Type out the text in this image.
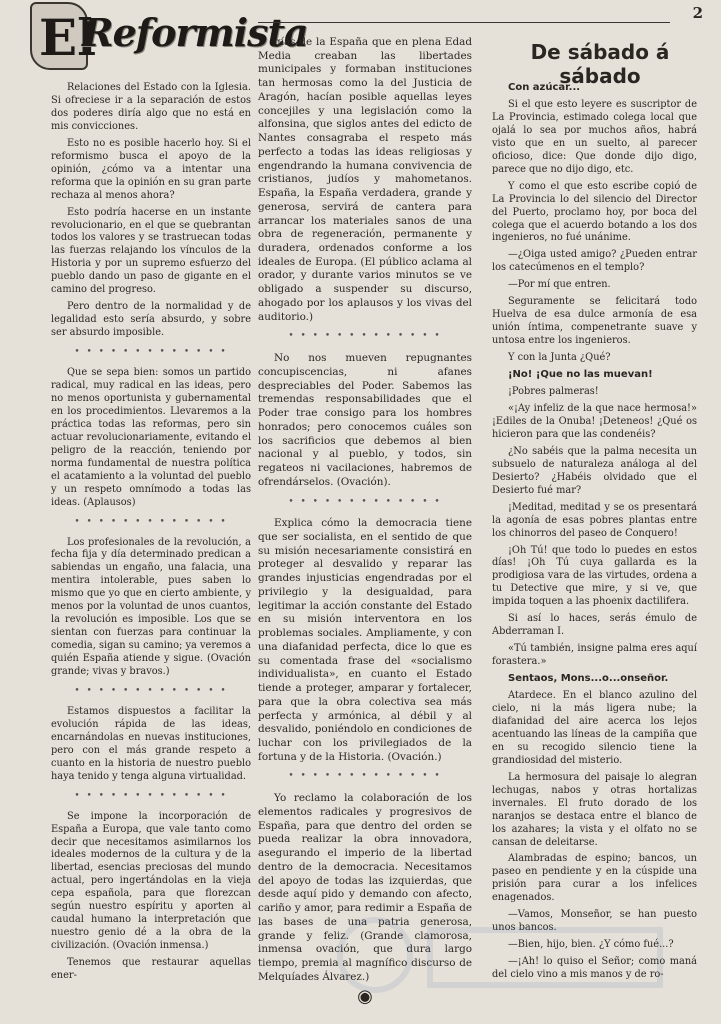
El
Reformista	2

Relaciones del Estado con la Iglesia. Si ofreciese ir a la separación de estos dos poderes diría algo que no está en mis convicciones.

Esto no es posible hacerlo hoy. Si el reformismo busca el apoyo de la opinión, ¿cómo va a intentar una reforma que la opinión en su gran parte rechaza al menos ahora?

Esto podría hacerse en un instante revolucionario, en el que se quebrantan todos los valores y se trastruecan todas las fuerzas relajando los vínculos de la Historia y por un supremo esfuerzo del pueblo dando un paso de gigante en el camino del progreso.

Pero dentro de la normalidad y de legalidad esto sería absurdo, y sobre ser absurdo imposible.

• • • • • • • • • • • • •

Que se sepa bien: somos un partido radical, muy radical en las ideas, pero no menos oportunista y gubernamental en los procedimientos. Llevaremos a la práctica todas las reformas, pero sin actuar revolucionariamente, evitando el peligro de la reacción, teniendo por norma fundamental de nuestra política el acatamiento a la voluntad del pueblo y un respeto omnímodo a todas las ideas. (Aplausos)

• • • • • • • • • • • • •

Los profesionales de la revolución, a fecha fija y día determinado predican a sabiendas un engaño, una falacia, una mentira intolerable, pues saben lo mismo que yo que en cierto ambiente, y menos por la voluntad de unos cuantos, la revolución es imposible. Los que se sientan con fuerzas para continuar la comedia, sigan su camino; ya veremos a quién España atiende y sigue. (Ovación grande; vivas y bravos.)

• • • • • • • • • • • • •

Estamos dispuestos a facilitar la evolución rápida de las ideas, encarnándolas en nuevas instituciones, pero con el más grande respeto a cuanto en la historia de nuestro pueblo haya tenido y tenga alguna virtualidad.

• • • • • • • • • • • • •

Se impone la incorporación de España a Europa, que vale tanto como decir que necesitamos asimilarnos los ideales modernos de la cultura y de la libertad, esencias preciosas del mundo actual, pero ingertándolas en la vieja cepa española, para que florezcan según nuestro espíritu y aporten al caudal humano la interpretación que nuestro genio dé a la obra de la civilización. (Ovación inmensa.)

Tenemos que restaurar aquellas ener-

gías de la España que en plena Edad Media creaban las libertades municipales y formaban instituciones tan hermosas como la del Justicia de Aragón, hacían posible aquellas leyes concejiles y una legislación como la alfonsina, que siglos antes del edicto de Nantes consagraba el respeto más perfecto a todas las ideas religiosas y engendrando la humana convivencia de cristianos, judíos y mahometanos. España, la España verdadera, grande y generosa, servirá de cantera para arrancar los materiales sanos de una obra de regeneración, permanente y duradera, ordenados conforme a los ideales de Europa. (El público aclama al orador, y durante varios minutos se ve obligado a suspender su discurso, ahogado por los aplausos y los vivas del auditorio.)

• • • • • • • • • • • • •

No nos mueven repugnantes concupiscencias, ni afanes despreciables del Poder. Sabemos las tremendas responsabilidades que el Poder trae consigo para los hombres honrados; pero conocemos cuáles son los sacrificios que debemos al bien nacional y al pueblo, y todos, sin regateos ni vacilaciones, habremos de ofrendárselos. (Ovación).

• • • • • • • • • • • • •

Explica cómo la democracia tiene que ser socialista, en el sentido de que su misión necesariamente consistirá en proteger al desvalido y reparar las grandes injusticias engendradas por el privilegio y la desigualdad, para legitimar la acción constante del Estado en su misión interventora en los problemas sociales. Ampliamente, y con una diafanidad perfecta, dice lo que es su comentada frase del «socialismo individualista», en cuanto el Estado tiende a proteger, amparar y fortalecer, para que la obra colectiva sea más perfecta y armónica, al débil y al desvalido, poniéndolo en condiciones de luchar con los privilegiados de la fortuna y de la Historia. (Ovación.)

• • • • • • • • • • • • •

Yo reclamo la colaboración de los elementos radicales y progresivos de España, para que dentro del orden se pueda realizar la obra innovadora, asegurando el imperio de la libertad dentro de la democracia. Necesitamos del apoyo de todas las izquierdas, que desde aquí pido y demando con afecto, cariño y amor, para redimir a España de las bases de una patria generosa, grande y feliz. (Grande clamorosa, inmensa ovación, que dura largo tiempo, premia al magnífico discurso de Melquíades Álvarez.)

◉
De sábado á sábado

Con azúcar...

Si el que esto leyere es suscriptor de La Provincia, estimado colega local que ojalá lo sea por muchos años, habrá visto que en un suelto, al parecer oficioso, dice: Que donde dijo digo, parece que no dijo digo, etc.

Y como el que esto escribe copió de La Provincia lo del silencio del Director del Puerto, proclamo hoy, por boca del colega que el acuerdo botando a los dos ingenieros, no fué unánime.

—¿Oiga usted amigo? ¿Pueden entrar los catecúmenos en el templo?

—Por mí que entren.

Seguramente se felicitará todo Huelva de esa dulce armonía de esa unión íntima, compenetrante suave y untosa entre los ingenieros.

Y con la Junta ¿Qué?

¡No! ¡Que no las muevan!

¡Pobres palmeras!

«¡Ay infeliz de la que nace hermosa!» ¡Ediles de la Onuba! ¡Deteneos! ¿Qué os hicieron para que las condenéis?

¿No sabéis que la palma necesita un subsuelo de naturaleza análoga al del Desierto? ¿Habéis olvidado que el Desierto fué mar?

¡Meditad, meditad y se os presentará la agonía de esas pobres plantas entre los chinorros del paseo de Conquero!

¡Oh Tú! que todo lo puedes en estos días! ¡Oh Tú cuya gallarda es la prodigiosa vara de las virtudes, ordena a tu Detective que mire, y si ve, que impida toquen a las phoenix dactilifera.

Si así lo haces, serás émulo de Abderraman I.

«Tú también, insigne palma eres aquí forastera.»

Sentaos, Mons...o...onseñor.

Atardece. En el blanco azulino del cielo, ni la más ligera nube; la diafanidad del aire acerca los lejos acentuando las líneas de la campiña que en su recogido silencio tiene la grandiosidad del misterio.

La hermosura del paisaje lo alegran lechugas, nabos y otras hortalizas invernales. El fruto dorado de los naranjos se destaca entre el blanco de los azahares; la vista y el olfato no se cansan de deleitarse.

Alambradas de espino; bancos, un paseo en pendiente y en la cúspide una prisión para curar a los infelices enagenados.

—Vamos, Monseñor, se han puesto unos bancos.

—Bien, hijo, bien. ¿Y cómo fué...?

—¡Ah! lo quiso el Señor; como maná del cielo vino a mis manos y de ro-
